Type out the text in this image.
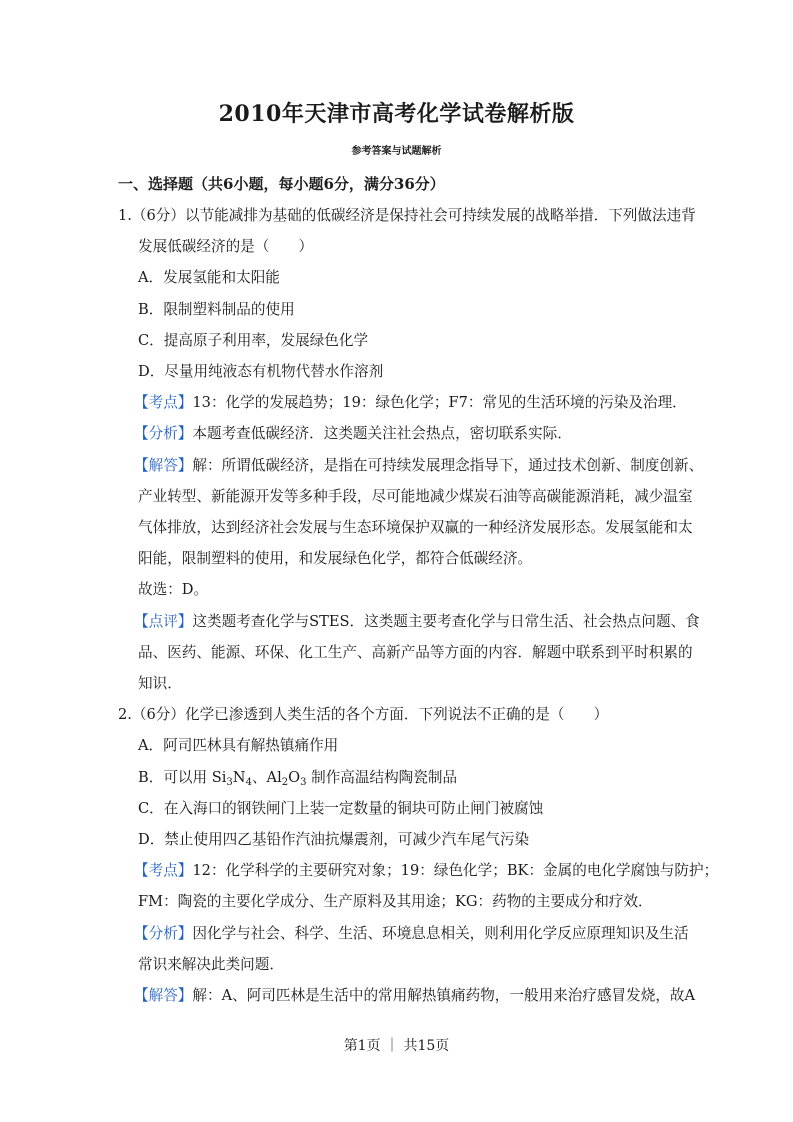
2010年天津市高考化学试卷解析版
参考答案与试题解析
一、选择题（共6小题，每小题6分，满分36分）
1.（6分）以节能减排为基础的低碳经济是保持社会可持续发展的战略举措．下列做法违背
发展低碳经济的是（　　）
A．发展氢能和太阳能
B．限制塑料制品的使用
C．提高原子利用率，发展绿色化学
D．尽量用纯液态有机物代替水作溶剂
【考点】13：化学的发展趋势；19：绿色化学；F7：常见的生活环境的污染及治理．
【分析】本题考查低碳经济．这类题关注社会热点，密切联系实际．
【解答】解：所谓低碳经济，是指在可持续发展理念指导下，通过技术创新、制度创新、
产业转型、新能源开发等多种手段，尽可能地减少煤炭石油等高碳能源消耗，减少温室
气体排放，达到经济社会发展与生态环境保护双赢的一种经济发展形态。发展氢能和太
阳能，限制塑料的使用，和发展绿色化学，都符合低碳经济。
故选：D。
【点评】这类题考查化学与STES．这类题主要考查化学与日常生活、社会热点问题、食
品、医药、能源、环保、化工生产、高新产品等方面的内容．解题中联系到平时积累的
知识．
2.（6分）化学已渗透到人类生活的各个方面．下列说法不正确的是（　　）
A．阿司匹林具有解热镇痛作用
B．可以用 $Si_3N_4$、$Al_2O_3$ 制作高温结构陶瓷制品
C．在入海口的钢铁闸门上装一定数量的铜块可防止闸门被腐蚀
D．禁止使用四乙基铅作汽油抗爆震剂，可减少汽车尾气污染
【考点】12：化学科学的主要研究对象；19：绿色化学；BK：金属的电化学腐蚀与防护；
FM：陶瓷的主要化学成分、生产原料及其用途；KG：药物的主要成分和疗效．
【分析】因化学与社会、科学、生活、环境息息相关，则利用化学反应原理知识及生活
常识来解决此类问题．
【解答】解：A、阿司匹林是生活中的常用解热镇痛药物，一般用来治疗感冒发烧，故A
第1页 ｜ 共15页
